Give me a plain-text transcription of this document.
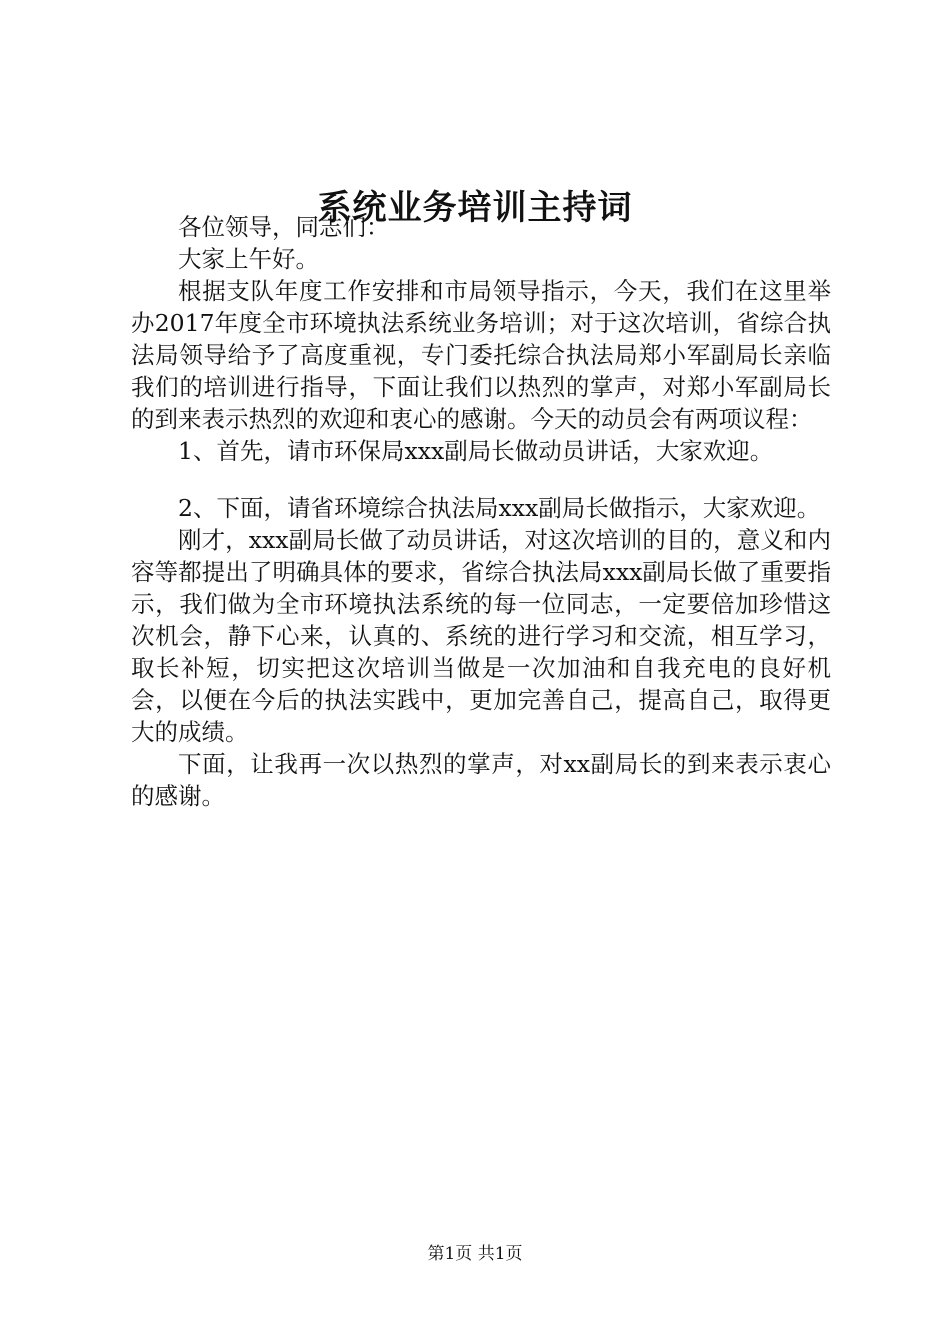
系统业务培训主持词

各位领导，同志们：

大家上午好。

根据支队年度工作安排和市局领导指示，今天，我们在这里举办2017年度全市环境执法系统业务培训；对于这次培训，省综合执法局领导给予了高度重视，专门委托综合执法局郑小军副局长亲临我们的培训进行指导，下面让我们以热烈的掌声，对郑小军副局长的到来表示热烈的欢迎和衷心的感谢。今天的动员会有两项议程：

1、首先，请市环保局xxx副局长做动员讲话，大家欢迎。

2、下面，请省环境综合执法局xxx副局长做指示，大家欢迎。

刚才，xxx副局长做了动员讲话，对这次培训的目的，意义和内容等都提出了明确具体的要求，省综合执法局xxx副局长做了重要指示，我们做为全市环境执法系统的每一位同志，一定要倍加珍惜这次机会，静下心来，认真的、系统的进行学习和交流，相互学习，取长补短，切实把这次培训当做是一次加油和自我充电的良好机会，以便在今后的执法实践中，更加完善自己，提高自己，取得更大的成绩。

下面，让我再一次以热烈的掌声，对xx副局长的到来表示衷心的感谢。

第1页 共1页
